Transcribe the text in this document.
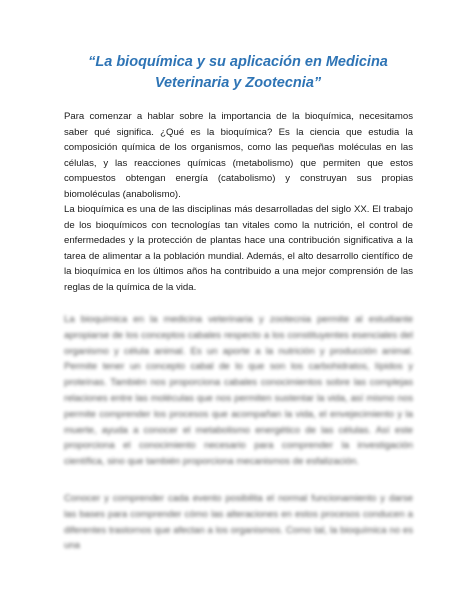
“La bioquímica y su aplicación en Medicina Veterinaria y Zootecnia”

Para comenzar a hablar sobre la importancia de la bioquímica, necesitamos saber qué significa. ¿Qué es la bioquímica? Es la ciencia que estudia la composición química de los organismos, como las pequeñas moléculas en las células, y las reacciones químicas (metabolismo) que permiten que estos compuestos obtengan energía (catabolismo) y construyan sus propias biomoléculas (anabolismo).

La bioquímica es una de las disciplinas más desarrolladas del siglo XX. El trabajo de los bioquímicos con tecnologías tan vitales como la nutrición, el control de enfermedades y la protección de plantas hace una contribución significativa a la tarea de alimentar a la población mundial. Además, el alto desarrollo científico de la bioquímica en los últimos años ha contribuido a una mejor comprensión de las reglas de la química de la vida.

La bioquímica en la medicina veterinaria y zootecnia permite al estudiante apropiarse de los conceptos cabales respecto a los constituyentes esenciales del organismo y célula animal. Es un aporte a la nutrición y producción animal. Permite tener un concepto cabal de lo que son los carbohidratos, lípidos y proteínas. También nos proporciona cabales conocimientos sobre las complejas relaciones entre las moléculas que nos permiten sustentar la vida, así mismo nos permite comprender los procesos que acompañan la vida, el envejecimiento y la muerte, ayuda a conocer el metabolismo energético de las células. Así este proporciona el conocimiento necesario para comprender la investigación científica, sino que también proporciona mecanismos de esfalización.

Conocer y comprender cada evento posibilita el normal funcionamiento y darse las bases para comprender cómo las alteraciones en estos procesos conducen a diferentes trastornos que afectan a los organismos. Como tal, la bioquímica no es una
